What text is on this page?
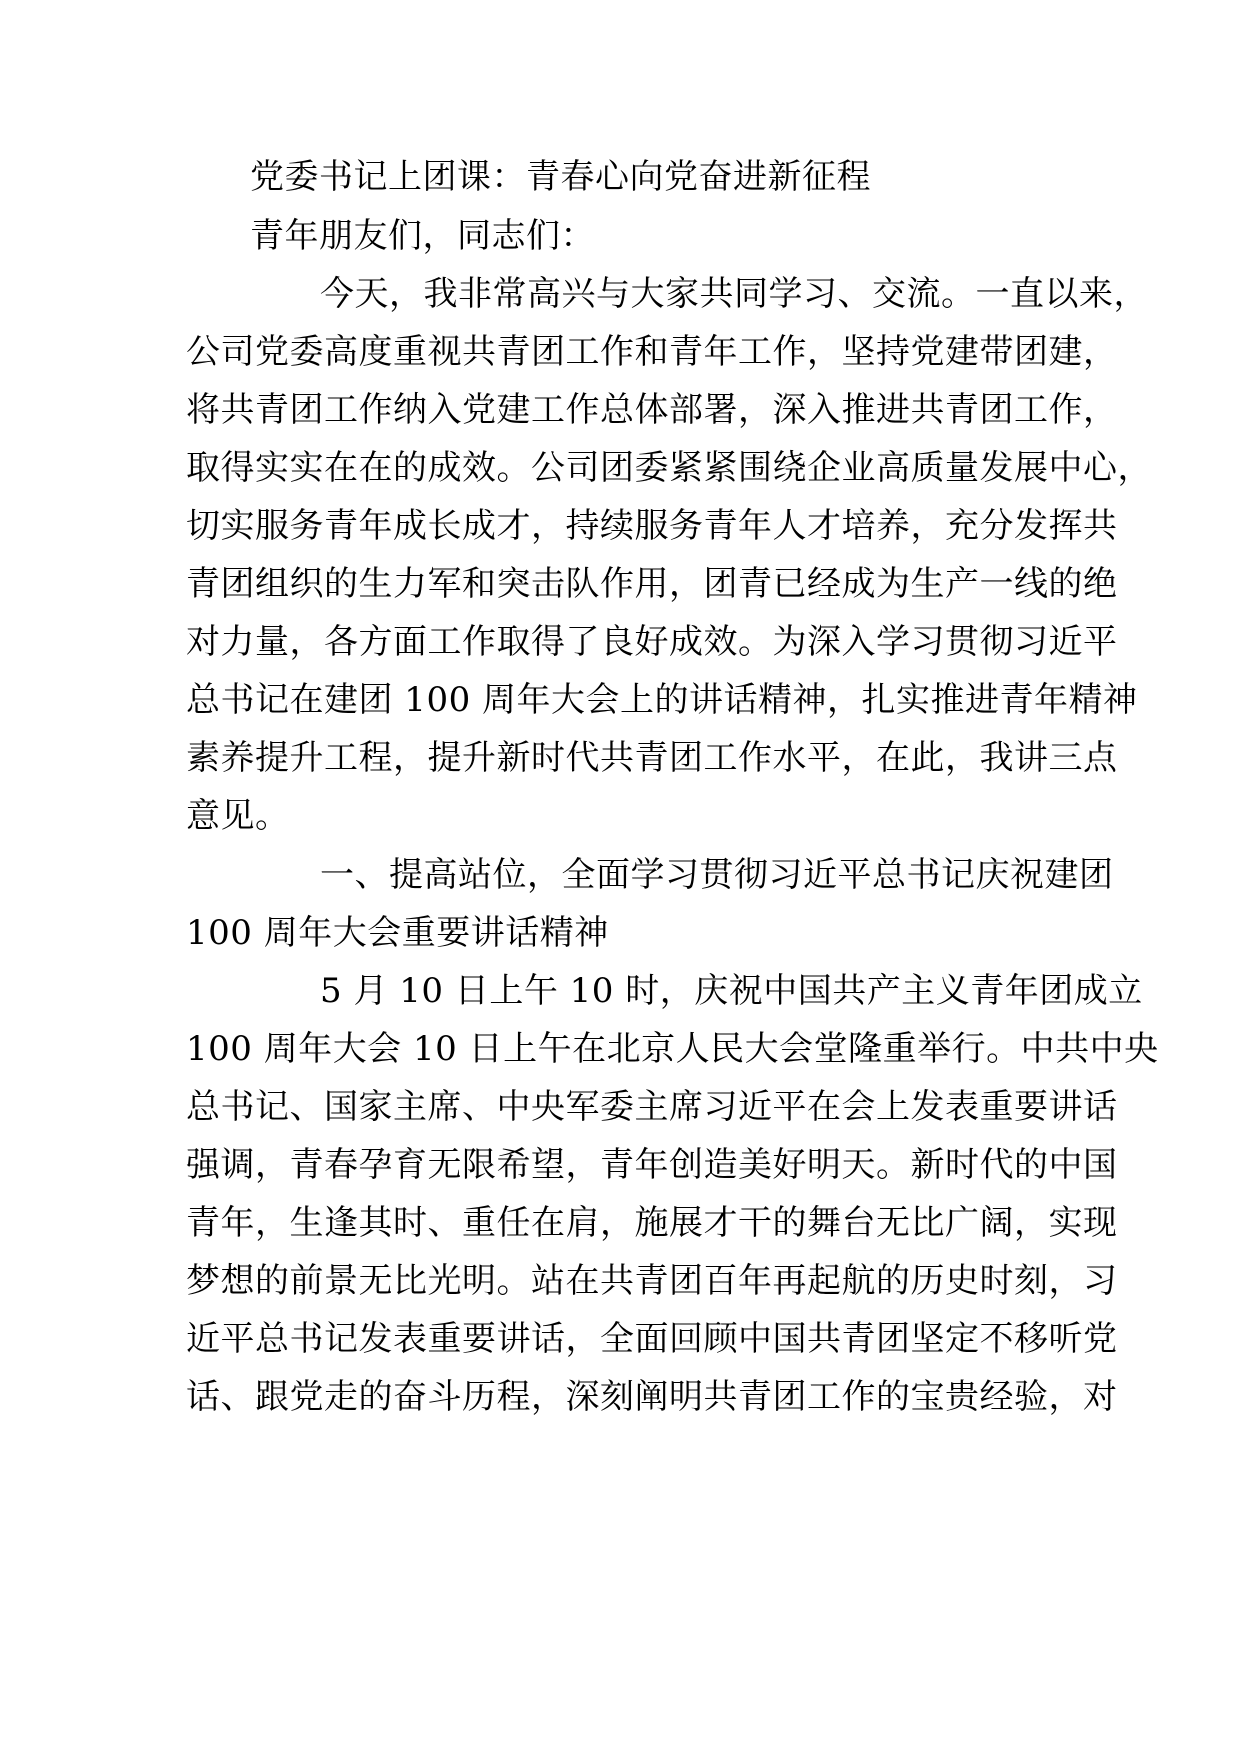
党委书记上团课：青春心向党奋进新征程
青年朋友们，同志们：
今天，我非常高兴与大家共同学习、交流。一直以来，
公司党委高度重视共青团工作和青年工作，坚持党建带团建，
将共青团工作纳入党建工作总体部署，深入推进共青团工作，
取得实实在在的成效。公司团委紧紧围绕企业高质量发展中心，
切实服务青年成长成才，持续服务青年人才培养，充分发挥共
青团组织的生力军和突击队作用，团青已经成为生产一线的绝
对力量，各方面工作取得了良好成效。为深入学习贯彻习近平
总书记在建团 100 周年大会上的讲话精神，扎实推进青年精神
素养提升工程，提升新时代共青团工作水平，在此，我讲三点
意见。
一、提高站位，全面学习贯彻习近平总书记庆祝建团
100 周年大会重要讲话精神
5 月 10 日上午 10 时，庆祝中国共产主义青年团成立
100 周年大会 10 日上午在北京人民大会堂隆重举行。中共中央
总书记、国家主席、中央军委主席习近平在会上发表重要讲话
强调，青春孕育无限希望，青年创造美好明天。新时代的中国
青年，生逢其时、重任在肩，施展才干的舞台无比广阔，实现
梦想的前景无比光明。站在共青团百年再起航的历史时刻，习
近平总书记发表重要讲话，全面回顾中国共青团坚定不移听党
话、跟党走的奋斗历程，深刻阐明共青团工作的宝贵经验，对
